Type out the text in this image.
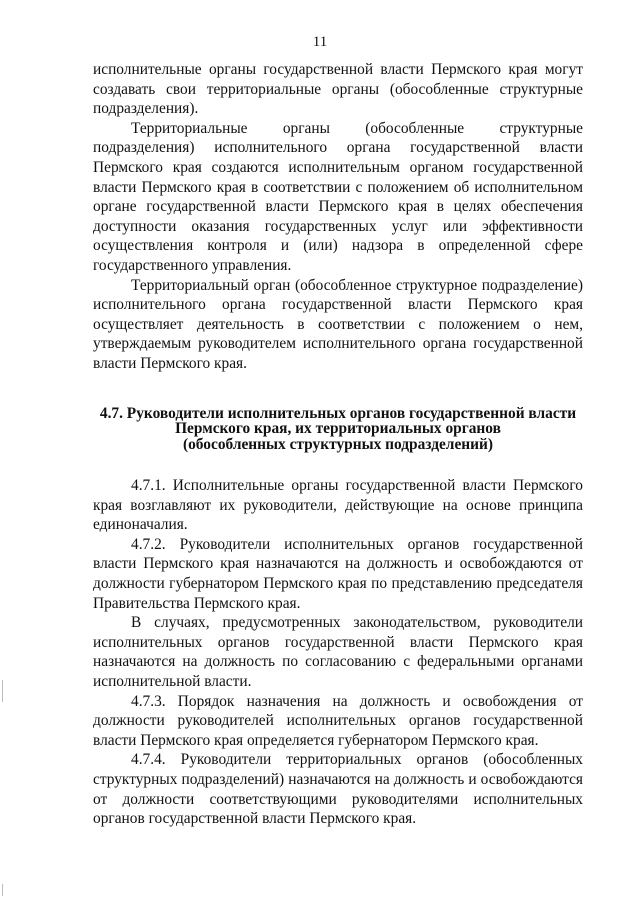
11

исполнительные органы государственной власти Пермского края могут создавать свои территориальные органы (обособленные структурные подразделения).

Территориальные органы (обособленные структурные подразделения) исполнительного органа государственной власти Пермского края создаются исполнительным органом государственной власти Пермского края в соответствии с положением об исполнительном органе государственной власти Пермского края в целях обеспечения доступности оказания государственных услуг или эффективности осуществления контроля и (или) надзора в определенной сфере государственного управления.

Территориальный орган (обособленное структурное подразделение) исполнительного органа государственной власти Пермского края осуществляет деятельность в соответствии с положением о нем, утверждаемым руководителем исполнительного органа государственной власти Пермского края.

4.7. Руководители исполнительных органов государственной власти
Пермского края, их территориальных органов
(обособленных структурных подразделений)

4.7.1. Исполнительные органы государственной власти Пермского края возглавляют их руководители, действующие на основе принципа единоначалия.

4.7.2. Руководители исполнительных органов государственной власти Пермского края назначаются на должность и освобождаются от должности губернатором Пермского края по представлению председателя Правительства Пермского края.

В случаях, предусмотренных законодательством, руководители исполнительных органов государственной власти Пермского края назначаются на должность по согласованию с федеральными органами исполнительной власти.

4.7.3. Порядок назначения на должность и освобождения от должности руководителей исполнительных органов государственной власти Пермского края определяется губернатором Пермского края.

4.7.4. Руководители территориальных органов (обособленных структурных подразделений) назначаются на должность и освобождаются от должности соответствующими руководителями исполнительных органов государственной власти Пермского края.
